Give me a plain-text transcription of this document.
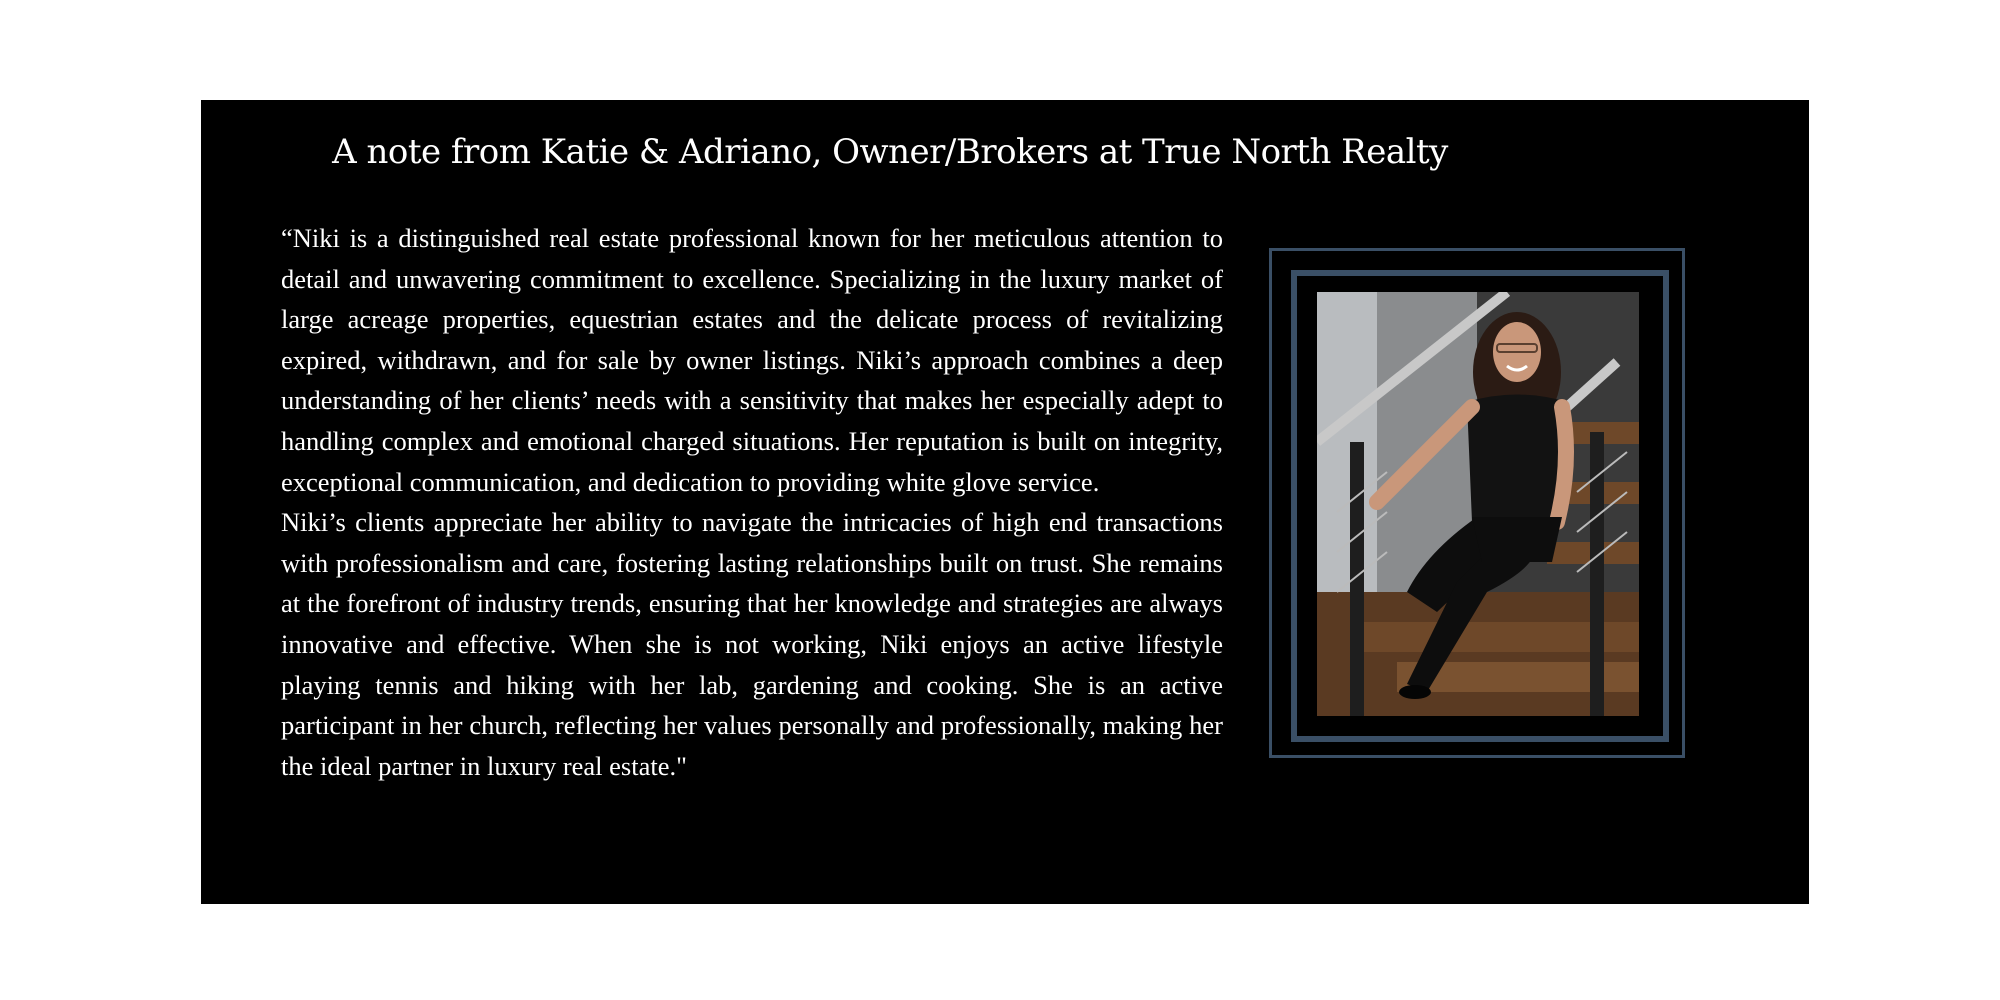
A note from Katie & Adriano, Owner/Brokers at True North Realty

“Niki is a distinguished real estate professional known for her meticulous attention to detail and unwavering commitment to excellence. Specializing in the luxury market of large acreage properties, equestrian estates and the delicate process of revitalizing expired, withdrawn, and for sale by owner listings. Niki’s approach combines a deep understanding of her clients’ needs with a sensitivity that makes her especially adept to handling complex and emotional charged situations. Her reputation is built on integrity, exceptional communication, and dedication to providing white glove service.

Niki’s clients appreciate her ability to navigate the intricacies of high end transactions with professionalism and care, fostering lasting relationships built on trust. She remains at the forefront of industry trends, ensuring that her knowledge and strategies are always innovative and effective. When she is not working, Niki enjoys an active lifestyle playing tennis and hiking with her lab, gardening and cooking. She is an active participant in her church, reflecting her values personally and professionally, making her the ideal partner in luxury real estate."
